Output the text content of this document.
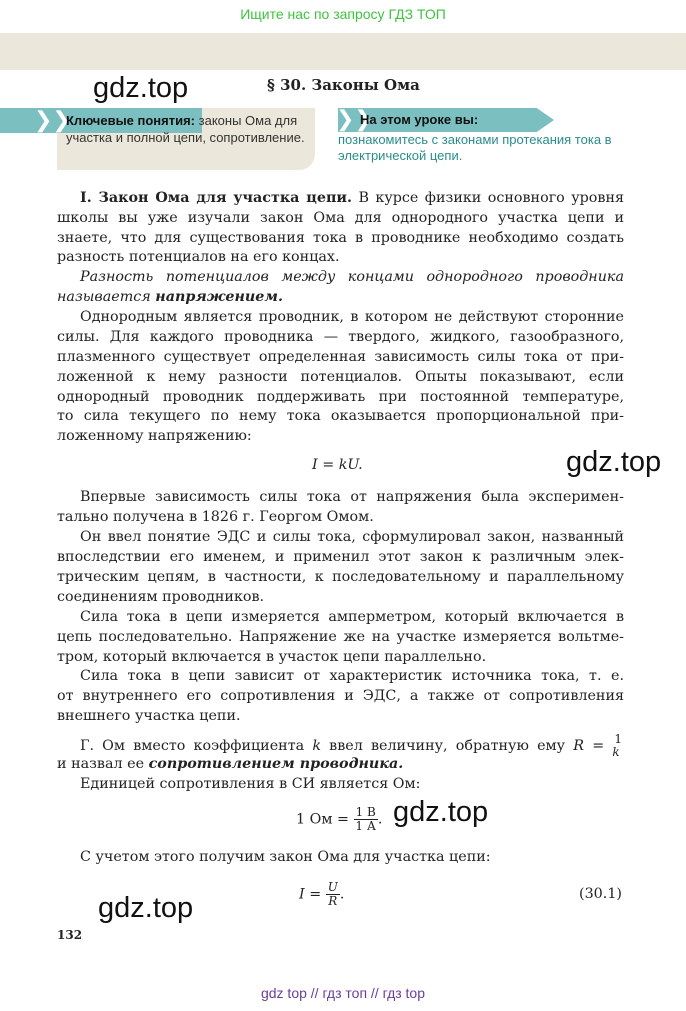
Ищите нас по запросу ГДЗ ТОП
gdz.top	§ 30. Законы Ома
❯❯
Ключевые понятия: законы Ома для участка и полной цепи, сопротивление.
❯❯
На этом уроке вы:
познакомитесь с законами протекания тока в электрической цепи.
I. Закон Ома для участка цепи. В курсе физики основного уровня
школы вы уже изучали закон Ома для однородного участка цепи и
знаете, что для существования тока в проводнике необходимо создать
разность потенциалов на его концах.
Разность потенциалов между концами однородного проводника
называется напряжением.
Однородным является проводник, в котором не действуют сторонние
силы. Для каждого проводника — твердого, жидкого, газообразного,
плазменного существует определенная зависимость силы тока от при-
ложенной к нему разности потенциалов. Опыты показывают, если
однородный проводник поддерживать при постоянной температуре,
то сила текущего по нему тока оказывается пропорциональной при-
ложенному напряжению:
I = kU.	gdz.top
Впервые зависимость силы тока от напряжения была эксперимен-
тально получена в 1826 г. Георгом Омом.
Он ввел понятие ЭДС и силы тока, сформулировал закон, названный
впоследствии его именем, и применил этот закон к различным элек-
трическим цепям, в частности, к последовательному и параллельному
соединениям проводников.
Сила тока в цепи измеряется амперметром, который включается в
цепь последовательно. Напряжение же на участке измеряется вольтме-
тром, который включается в участок цепи параллельно.
Сила тока в цепи зависит от характеристик источника тока, т. е.
от внутреннего его сопротивления и ЭДС, а также от сопротивления
внешнего участка цепи.
Г. Ом вместо коэффициента k ввел величину, обратную ему R = 1
k
и назвал ее сопротивлением проводника.
Единицей сопротивления в СИ является Ом:
1 Ом = $\frac{1 В}{1 А}$ . gdz.top
С учетом этого получим закон Ома для участка цепи:
$I = \frac{U}{R}$ .	(30.1)
gdz.top
132
gdz top // гдз топ // гдз top
